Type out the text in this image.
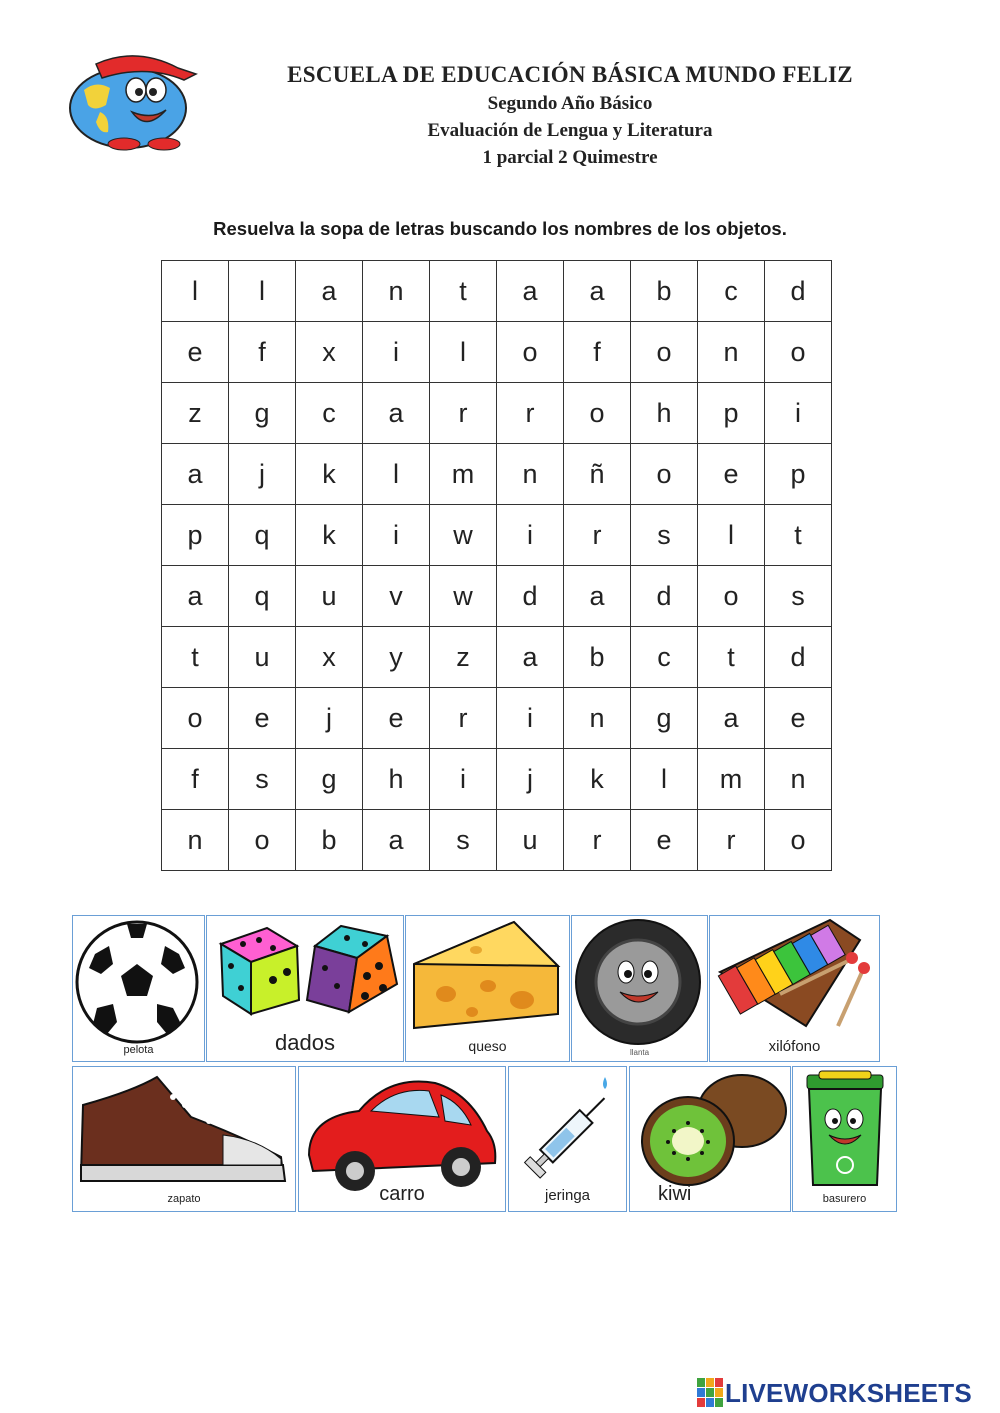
ESCUELA DE EDUCACIÓN BÁSICA MUNDO FELIZ
Segundo Año Básico
Evaluación de Lengua y Literatura
1 parcial 2 Quimestre
Resuelva la sopa de letras buscando los nombres de los objetos.
l	l	a	n	t	a	a	b	c	d
e	f	x	i	l	o	f	o	n	o
z	g	c	a	r	r	o	h	p	i
a	j	k	l	m	n	ñ	o	e	p
p	q	k	i	w	i	r	s	l	t
a	q	u	v	w	d	a	d	o	s
t	u	x	y	z	a	b	c	t	d
o	e	j	e	r	i	n	g	a	e
f	s	g	h	i	j	k	l	m	n
n	o	b	a	s	u	r	e	r	o
pelota	dados	queso	llanta	xilófono
zapato	carro	jeringa	kiwi	basurero
LIVEWORKSHEETS
